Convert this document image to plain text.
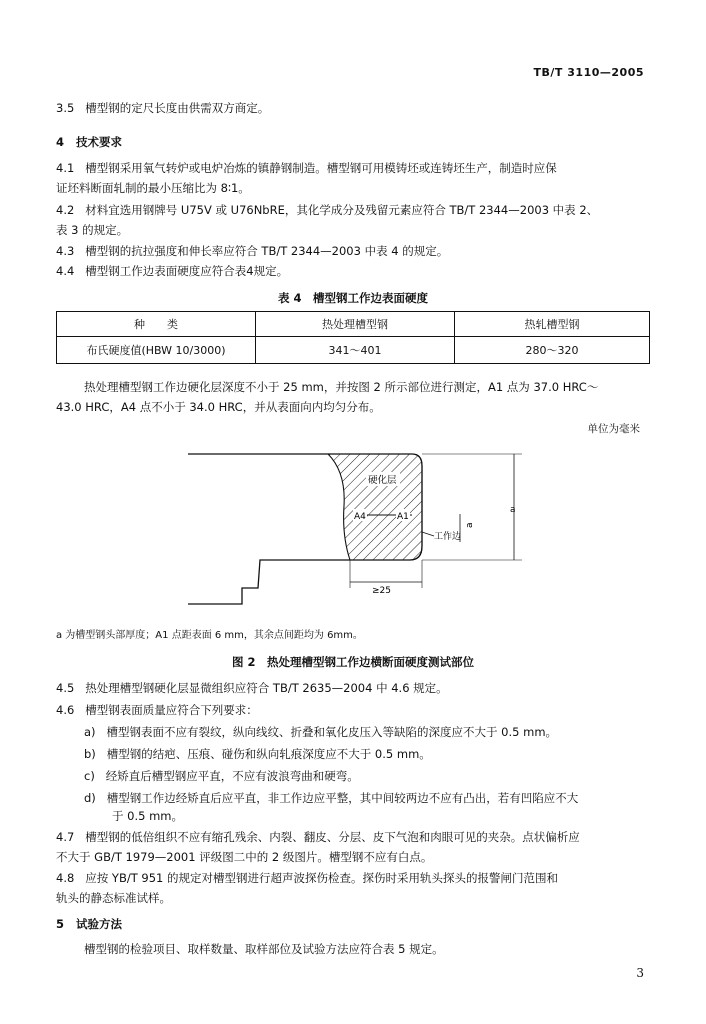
TB/T 3110—2005
3.5 槽型钢的定尺长度由供需双方商定。
4 技术要求
4.1 槽型钢采用氧气转炉或电炉冶炼的镇静钢制造。槽型钢可用模铸坯或连铸坯生产，制造时应保
证坯料断面轧制的最小压缩比为 8∶1。
4.2 材料宜选用钢牌号 U75V 或 U76NbRE，其化学成分及残留元素应符合 TB/T 2344—2003 中表 2、
表 3 的规定。
4.3 槽型钢的抗拉强度和伸长率应符合 TB/T 2344—2003 中表 4 的规定。
4.4 槽型钢工作边表面硬度应符合表4规定。
表 4　槽型钢工作边表面硬度
种　　类	热处理槽型钢	热轧槽型钢
布氏硬度值(HBW 10/3000)	341～401	280～320
热处理槽型钢工作边硬化层深度不小于 25 mm，并按图 2 所示部位进行测定，A1 点为 37.0 HRC～
43.0 HRC，A4 点不小于 34.0 HRC，并从表面向内均匀分布。
单位为毫米
硬化层
A4	A1
工作边
a
a
≥25
a 为槽型钢头部厚度；A1 点距表面 6 mm，其余点间距均为 6mm。
图 2　热处理槽型钢工作边横断面硬度测试部位
4.5 热处理槽型钢硬化层显微组织应符合 TB/T 2635—2004 中 4.6 规定。
4.6 槽型钢表面质量应符合下列要求：
a) 槽型钢表面不应有裂纹，纵向线纹、折叠和氧化皮压入等缺陷的深度应不大于 0.5 mm。
b) 槽型钢的结疤、压痕、碰伤和纵向轧痕深度应不大于 0.5 mm。
c) 经矫直后槽型钢应平直，不应有波浪弯曲和硬弯。
d) 槽型钢工作边经矫直后应平直，非工作边应平整，其中间较两边不应有凸出，若有凹陷应不大
于 0.5 mm。
4.7 槽型钢的低倍组织不应有缩孔残余、内裂、翻皮、分层、皮下气泡和肉眼可见的夹杂。点状偏析应
不大于 GB/T 1979—2001 评级图二中的 2 级图片。槽型钢不应有白点。
4.8 应按 YB/T 951 的规定对槽型钢进行超声波探伤检查。探伤时采用轨头探头的报警闸门范围和
轨头的静态标准试样。
5 试验方法
槽型钢的检验项目、取样数量、取样部位及试验方法应符合表 5 规定。
3
